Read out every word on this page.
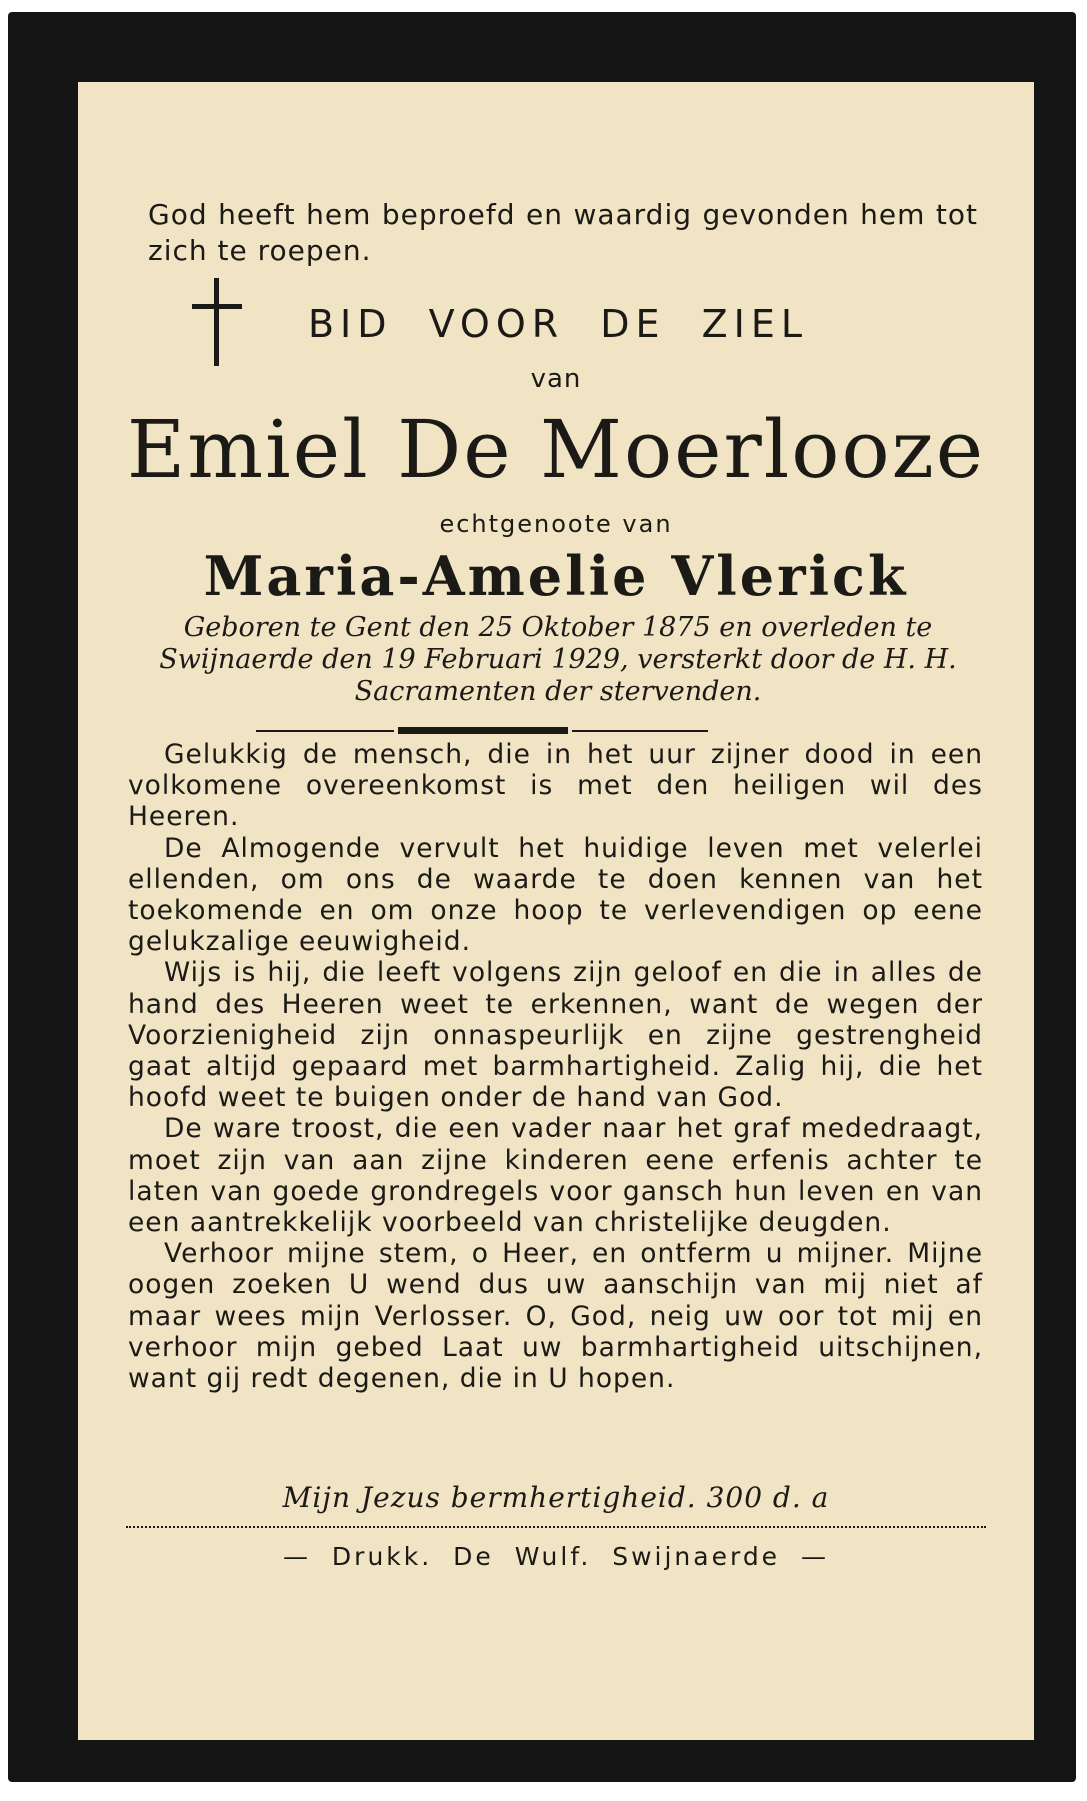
God heeft hem beproefd en waardig gevonden hem tot zich te roepen.
BID VOOR DE ZIEL
van
Emiel De Moerlooze
echtgenoote van
Maria-Amelie Vlerick
Geboren te Gent den 25 Oktober 1875 en overleden te Swijnaerde den 19 Februari 1929, versterkt door de H. H. Sacramenten der stervenden.

Gelukkig de mensch, die in het uur zijner dood in een volkomene overeenkomst is met den heiligen wil des Heeren.

De Almogende vervult het huidige leven met velerlei ellenden, om ons de waarde te doen kennen van het toekomende en om onze hoop te verlevendigen op eene gelukzalige eeuwigheid.

Wijs is hij, die leeft volgens zijn geloof en die in alles de hand des Heeren weet te erkennen, want de wegen der Voorzienigheid zijn onnaspeurlijk en zijne gestrengheid gaat altijd gepaard met barmhartigheid. Zalig hij, die het hoofd weet te buigen onder de hand van God.

De ware troost, die een vader naar het graf mededraagt, moet zijn van aan zijne kinderen eene erfenis achter te laten van goede grondregels voor gansch hun leven en van een aantrekkelijk voorbeeld van christelijke deugden.

Verhoor mijne stem, o Heer, en ontferm u mijner. Mijne oogen zoeken U wend dus uw aanschijn van mij niet af maar wees mijn Verlosser. O, God, neig uw oor tot mij en verhoor mijn gebed Laat uw barmhartigheid uitschijnen, want gij redt degenen, die in U hopen.

Mijn Jezus bermhertigheid. 300 d. a
— Drukk. De Wulf. Swijnaerde —
